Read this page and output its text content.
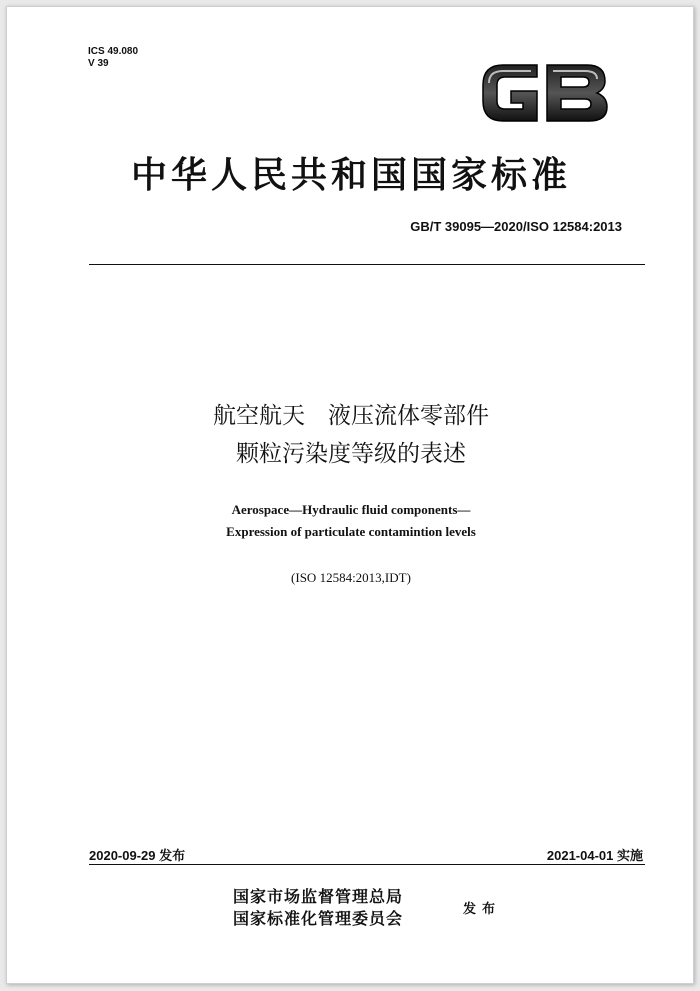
ICS 49.080
V 39
中华人民共和国国家标准
GB/T 39095—2020/ISO 12584:2013
航空航天　液压流体零部件
颗粒污染度等级的表述
Aerospace—Hydraulic fluid components—
Expression of particulate contamintion levels
(ISO 12584:2013,IDT)
2020-09-29 发布	2021-04-01 实施
国家市场监督管理总局
国家标准化管理委员会	发布
